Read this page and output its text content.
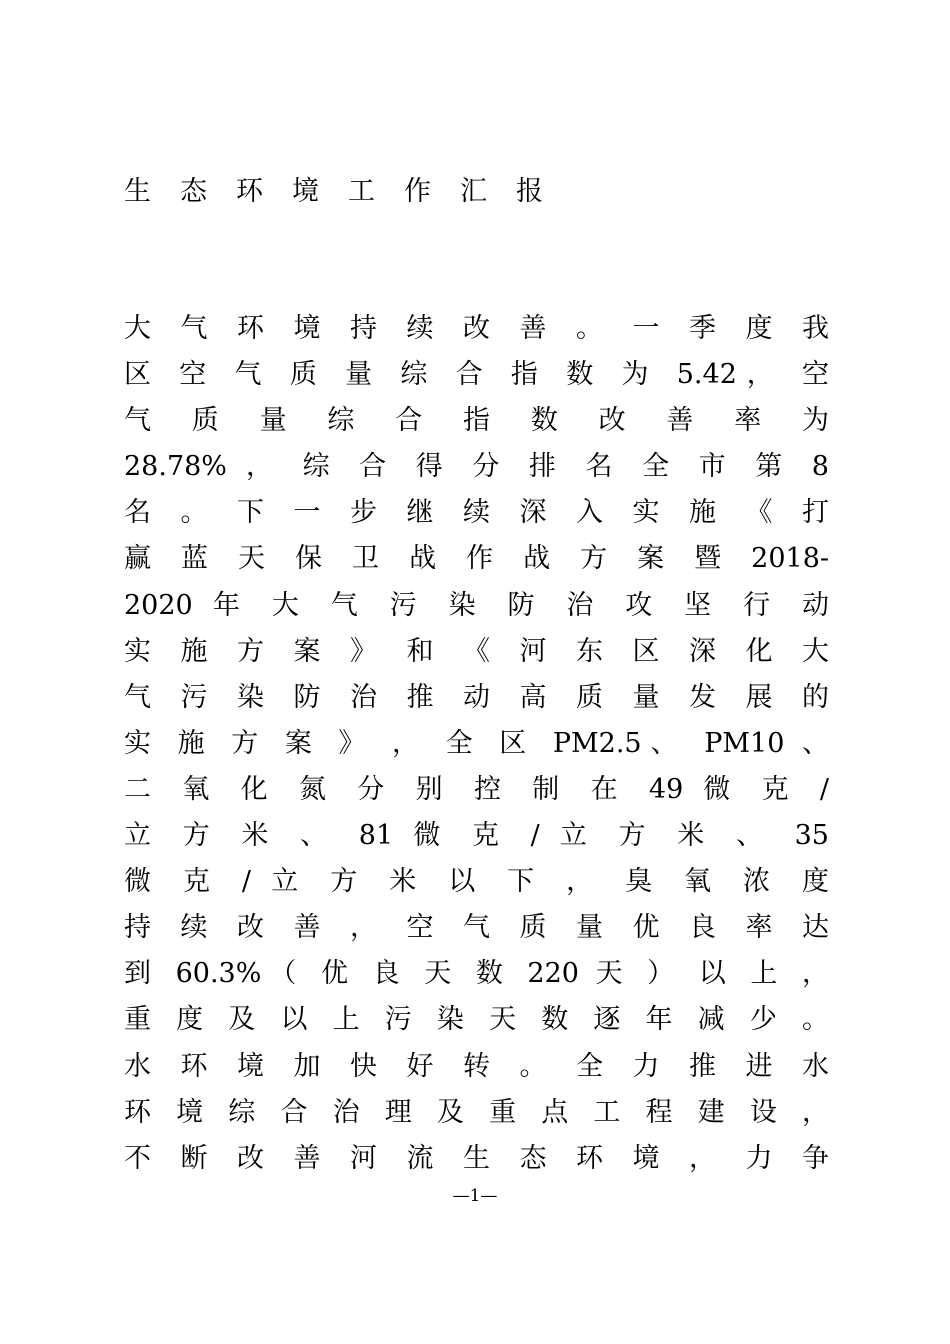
生态环境工作汇报
大 气 环 境 持 续 改 善 。 一 季 度 我
区 空 气 质 量 综 合 指 数 为 5.42， 空
气 质 量 综 合 指 数 改 善 率 为
28.78% ， 综 合 得 分 排 名 全 市 第 8
名 。 下 一 步 继 续 深 入 实 施 《 打
赢 蓝 天 保 卫 战 作 战 方 案 暨 2018-
2020 年 大 气 污 染 防 治 攻 坚 行 动
实 施 方 案 》 和 《 河 东 区 深 化 大
气 污 染 防 治 推 动 高 质 量 发 展 的
实 施 方 案 》 ， 全 区 PM2.5、 PM10 、
二 氧 化 氮 分 别 控 制 在 49 微 克 /
立 方 米 、 81 微 克 / 立 方 米 、 35
微 克 / 立 方 米 以 下 ， 臭 氧 浓 度
持 续 改 善 ， 空 气 质 量 优 良 率 达
到 60.3%（ 优 良 天 数 220 天 ） 以 上 ，
重 度 及 以 上 污 染 天 数 逐 年 减 少 。
水 环 境 加 快 好 转 。 全 力 推 进 水
环 境 综 合 治 理 及 重 点 工 程 建 设 ，
不 断 改 善 河 流 生 态 环 境 ， 力 争
—1—
